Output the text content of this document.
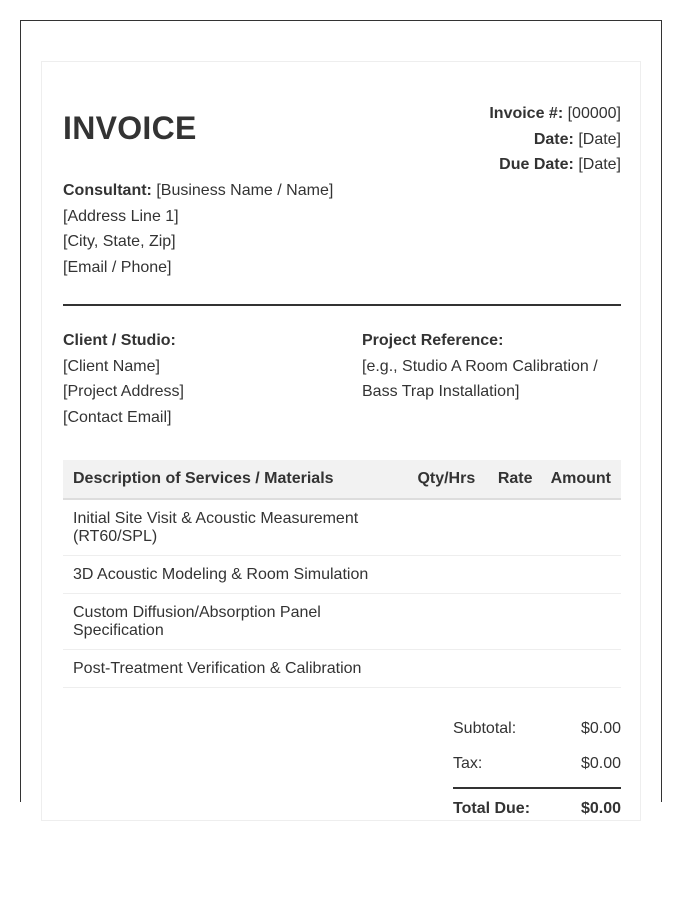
INVOICE	Invoice #: [00000]
Date: [Date]
Due Date: [Date]
Consultant: [Business Name / Name]
[Address Line 1]
[City, State, Zip]
[Email / Phone]
Client / Studio:
[Client Name]
[Project Address]
[Contact Email]
Project Reference:
[e.g., Studio A Room Calibration /
Bass Trap Installation]
Description of Services / Materials	Qty/Hrs	Rate	Amount
Initial Site Visit & Acoustic Measurement (RT60/SPL)			
3D Acoustic Modeling & Room Simulation			
Custom Diffusion/Absorption Panel Specification			
Post-Treatment Verification & Calibration			
Subtotal:	$0.00
Tax:	$0.00
Total Due:	$0.00
